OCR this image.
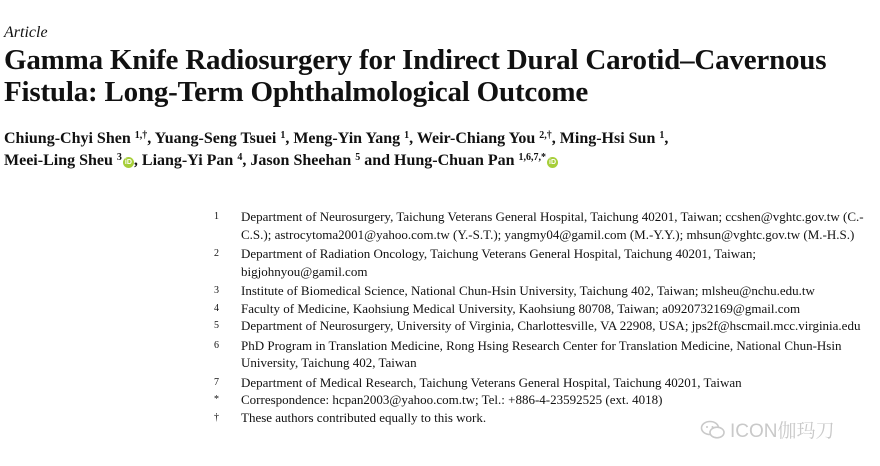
Article
Gamma Knife Radiosurgery for Indirect Dural Carotid–Cavernous Fistula: Long-Term Ophthalmological Outcome
Chiung-Chyi Shen $^{1,\dagger}$, Yuang-Seng Tsuei $^1$, Meng-Yin Yang $^1$, Weir-Chiang You $^{2,\dagger}$, Ming-Hsi Sun $^1$,
Meei-Ling Sheu $^3$ iD , Liang-Yi Pan $^4$, Jason Sheehan $^5$ and Hung-Chuan Pan $^{1,6,7,*}$ iD
1	Department of Neurosurgery, Taichung Veterans General Hospital, Taichung 40201, Taiwan; ccshen@vghtc.gov.tw (C.-C.S.); astrocytoma2001@yahoo.com.tw (Y.-S.T.); yangmy04@gamil.com (M.-Y.Y.); mhsun@vghtc.gov.tw (M.-H.S.)
2	Department of Radiation Oncology, Taichung Veterans General Hospital, Taichung 40201, Taiwan; bigjohnyou@gamil.com
3	Institute of Biomedical Science, National Chun-Hsin University, Taichung 402, Taiwan; mlsheu@nchu.edu.tw
4	Faculty of Medicine, Kaohsiung Medical University, Kaohsiung 80708, Taiwan; a0920732169@gmail.com
5	Department of Neurosurgery, University of Virginia, Charlottesville, VA 22908, USA; jps2f@hscmail.mcc.virginia.edu
6	PhD Program in Translation Medicine, Rong Hsing Research Center for Translation Medicine, National Chun-Hsin University, Taichung 402, Taiwan
7	Department of Medical Research, Taichung Veterans General Hospital, Taichung 40201, Taiwan
*	Correspondence: hcpan2003@yahoo.com.tw; Tel.: +886-4-23592525 (ext. 4018)
†	These authors contributed equally to this work.
ICON伽玛刀
